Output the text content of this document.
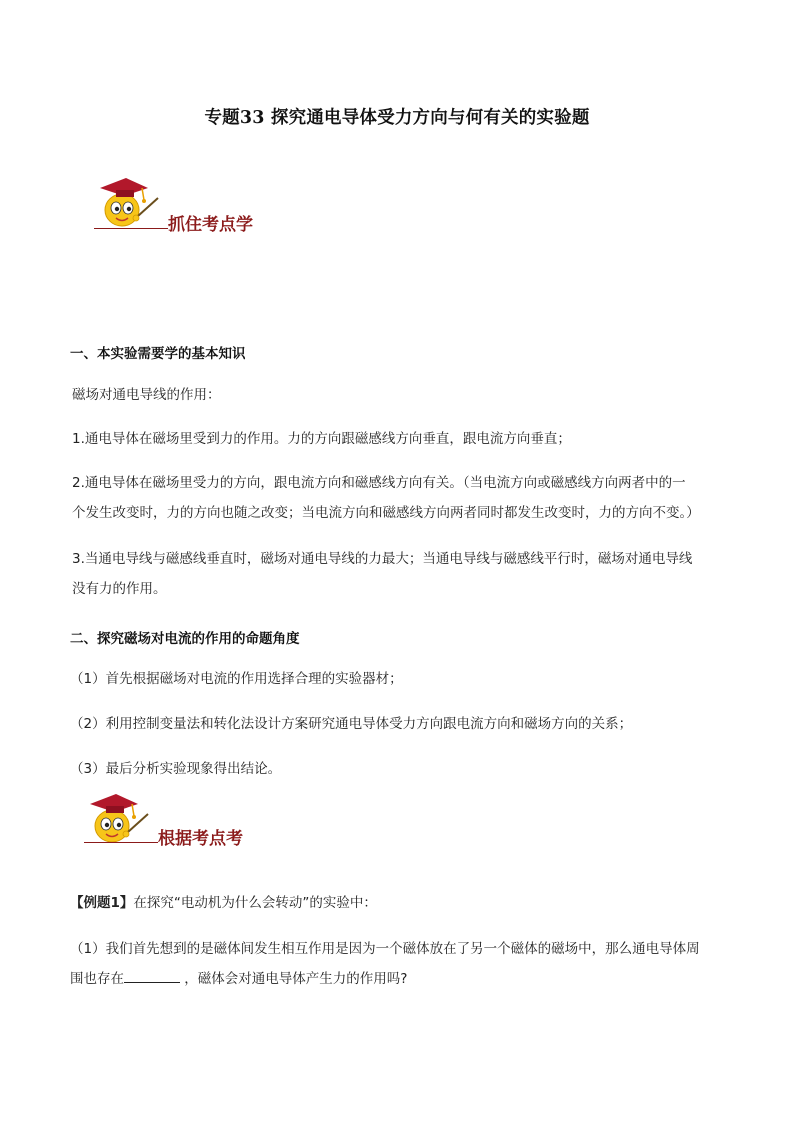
专题33 探究通电导体受力方向与何有关的实验题
抓住考点学
一、本实验需要学的基本知识
磁场对通电导线的作用：
1.通电导体在磁场里受到力的作用。力的方向跟磁感线方向垂直，跟电流方向垂直；
2.通电导体在磁场里受力的方向，跟电流方向和磁感线方向有关。（当电流方向或磁感线方向两者中的一
个发生改变时，力的方向也随之改变；当电流方向和磁感线方向两者同时都发生改变时，力的方向不变。）
3.当通电导线与磁感线垂直时，磁场对通电导线的力最大；当通电导线与磁感线平行时，磁场对通电导线
没有力的作用。
二、探究磁场对电流的作用的命题角度
（1）首先根据磁场对电流的作用选择合理的实验器材；
（2）利用控制变量法和转化法设计方案研究通电导体受力方向跟电流方向和磁场方向的关系；
（3）最后分析实验现象得出结论。
根据考点考
【例题1】在探究“电动机为什么会转动”的实验中：
（1）我们首先想到的是磁体间发生相互作用是因为一个磁体放在了另一个磁体的磁场中，那么通电导体周
围也存在	，磁体会对通电导体产生力的作用吗?
